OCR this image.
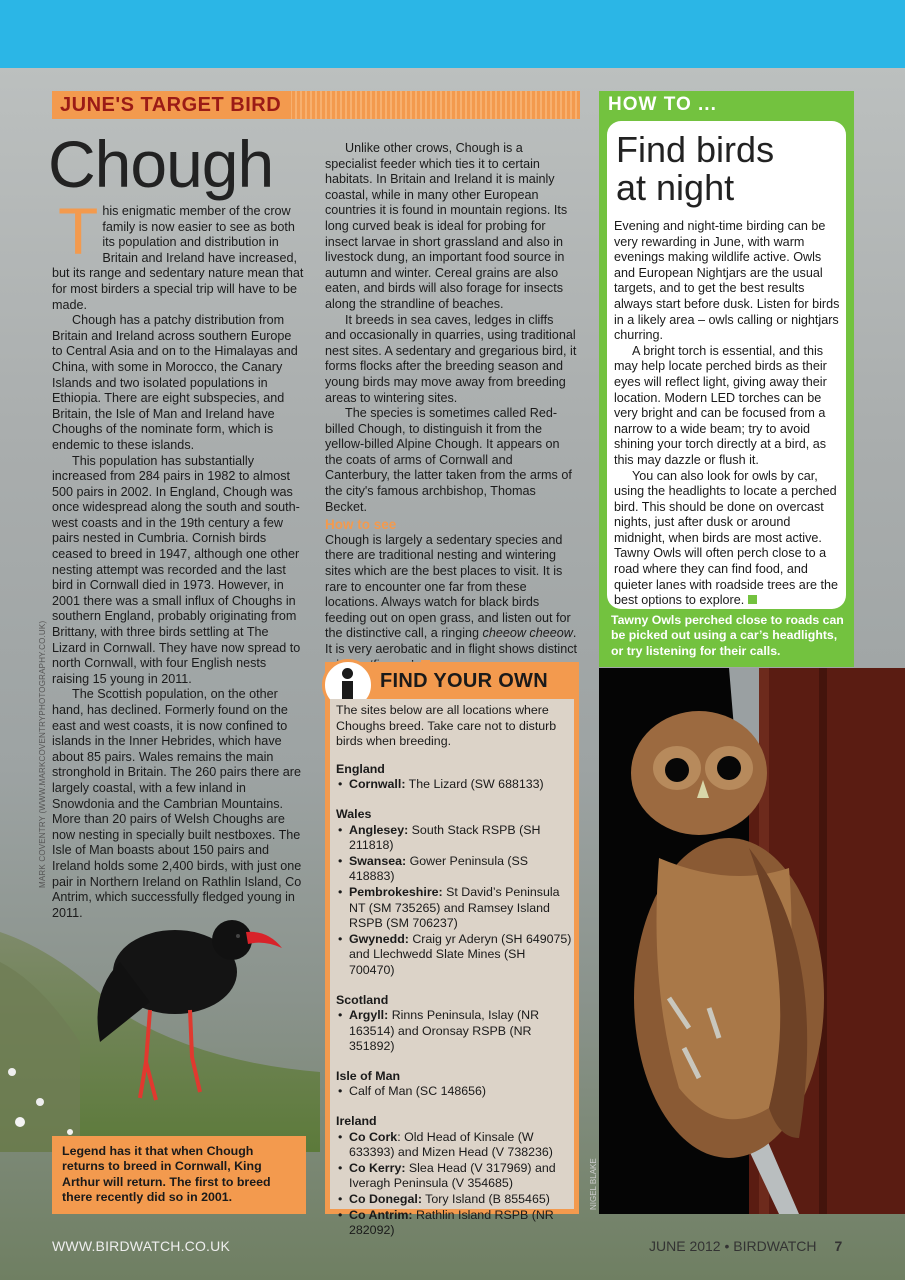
JUNE'S TARGET BIRD
Chough

This enigmatic member of the crow family is now easier to see as both its population and distribution in Britain and Ireland have increased, but its range and sedentary nature mean that for most birders a special trip will have to be made.

Chough has a patchy distribution from Britain and Ireland across southern Europe to Central Asia and on to the Himalayas and China, with some in Morocco, the Canary Islands and two isolated populations in Ethiopia. There are eight subspecies, and Britain, the Isle of Man and Ireland have Choughs of the nominate form, which is endemic to these islands.

This population has substantially increased from 284 pairs in 1982 to almost 500 pairs in 2002. In England, Chough was once widespread along the south and south-west coasts and in the 19th century a few pairs nested in Cumbria. Cornish birds ceased to breed in 1947, although one other nesting attempt was recorded and the last bird in Cornwall died in 1973. However, in 2001 there was a small influx of Choughs in southern England, probably originating from Brittany, with three birds settling at The Lizard in Cornwall. They have now spread to north Cornwall, with four English nests raising 15 young in 2011.

The Scottish population, on the other hand, has declined. Formerly found on the east and west coasts, it is now confined to islands in the Inner Hebrides, which have about 85 pairs. Wales remains the main stronghold in Britain. The 260 pairs there are largely coastal, with a few inland in Snowdonia and the Cambrian Mountains. More than 20 pairs of Welsh Choughs are now nesting in specially built nestboxes. The Isle of Man boasts about 150 pairs and Ireland holds some 2,400 birds, with just one pair in Northern Ireland on Rathlin Island, Co Antrim, which successfully fledged young in 2011.

Unlike other crows, Chough is a specialist feeder which ties it to certain habitats. In Britain and Ireland it is mainly coastal, while in many other European countries it is found in mountain regions. Its long curved beak is ideal for probing for insect larvae in short grassland and also in livestock dung, an important food source in autumn and winter. Cereal grains are also eaten, and birds will also forage for insects along the strandline of beaches.

It breeds in sea caves, ledges in cliffs and occasionally in quarries, using traditional nest sites. A sedentary and gregarious bird, it forms flocks after the breeding season and young birds may move away from breeding areas to wintering sites.

The species is sometimes called Red-billed Chough, to distinguish it from the yellow-billed Alpine Chough. It appears on the coats of arms of Cornwall and Canterbury, the latter taken from the arms of the city's famous archbishop, Thomas Becket.

How to see

Chough is largely a sedentary species and there are traditional nesting and wintering sites which are the best places to visit. It is rare to encounter one far from these locations. Always watch for black birds feeding out on open grass, and listen out for the distinctive call, a ringing cheeow cheeow. It is very aerobatic and in flight shows distinct

MARK COVENTRY (WWW.MARKCOVENTRYPHOTOGRAPHY.CO.UK)

Legend has it that when Chough returns to breed in Cornwall, King Arthur will return. The first to breed there recently did so in 2001.

WWW.BIRDWATCH.CO.UK	JUNE 2012 • BIRDWATCH 7
FIND YOUR OWN

The sites below are all locations where Choughs breed. Take care not to disturb birds when breeding.

England
• Cornwall: The Lizard (SW 688133)
Wales
• Anglesey: South Stack RSPB (SH 211818)
• Swansea: Gower Peninsula (SS 418883)
• Pembrokeshire: St David’s Peninsula NT (SM 735265) and Ramsey Island RSPB (SM 706237)
• Gwynedd: Craig yr Aderyn (SH 649075) and Llechwedd Slate Mines (SH 700470)
Scotland
• Argyll: Rinns Peninsula, Islay (NR 163514) and Oronsay RSPB (NR 351892)
Isle of Man
• Calf of Man (SC 148656)
Ireland
• Co Cork: Old Head of Kinsale (W 633393) and Mizen Head (V 738236)
• Co Kerry: Slea Head (V 317969) and Iveragh Peninsula (V 354685)
• Co Donegal: Tory Island (B 855465)
• Co Antrim: Rathlin Island RSPB (NR 282092)
HOW TO ...
Find birds
at night

Evening and night-time birding can be very rewarding in June, with warm evenings making wildlife active. Owls and European Nightjars are the usual targets, and to get the best results always start before dusk. Listen for birds in a likely area – owls calling or nightjars churring.

A bright torch is essential, and this may help locate perched birds as their eyes will reflect light, giving away their location. Modern LED torches can be very bright and can be focused from a narrow to a wide beam; try to avoid shining your torch directly at a bird, as this may dazzle or flush it.

You can also look for owls by car, using the headlights to locate a perched bird. This should be done on overcast nights, just after dusk or around midnight, when birds are most active. Tawny Owls will often perch close to a road where they can find food, and quieter lanes with roadside trees are the best options to explore.

Tawny Owls perched close to roads can be picked out using a car’s headlights, or try listening for their calls.
NIGEL BLAKE
